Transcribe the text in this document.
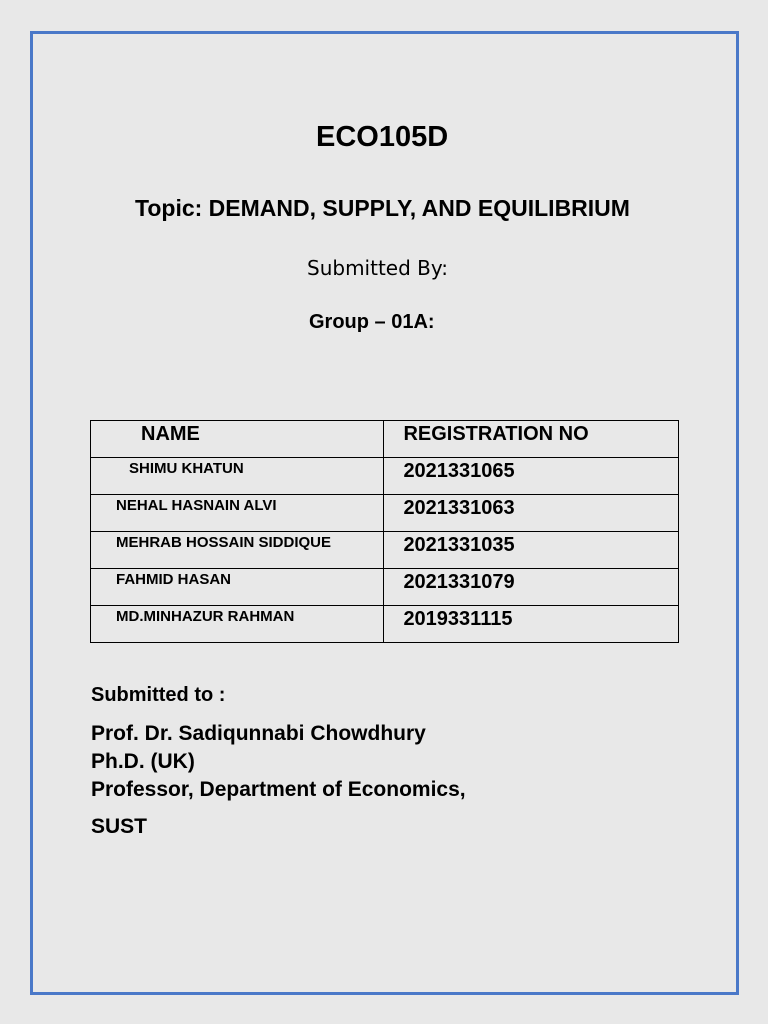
ECO105D
Topic: DEMAND, SUPPLY, AND EQUILIBRIUM
Submitted By:
Group – 01A:
NAME	REGISTRATION NO

SHIMU KHATUN	2021331065

NEHAL HASNAIN ALVI	2021331063

MEHRAB HOSSAIN SIDDIQUE	2021331035

FAHMID HASAN	2021331079

MD.MINHAZUR RAHMAN	2019331115
Submitted to :
Prof. Dr. Sadiqunnabi Chowdhury
Ph.D. (UK)
Professor, Department of Economics,
SUST
